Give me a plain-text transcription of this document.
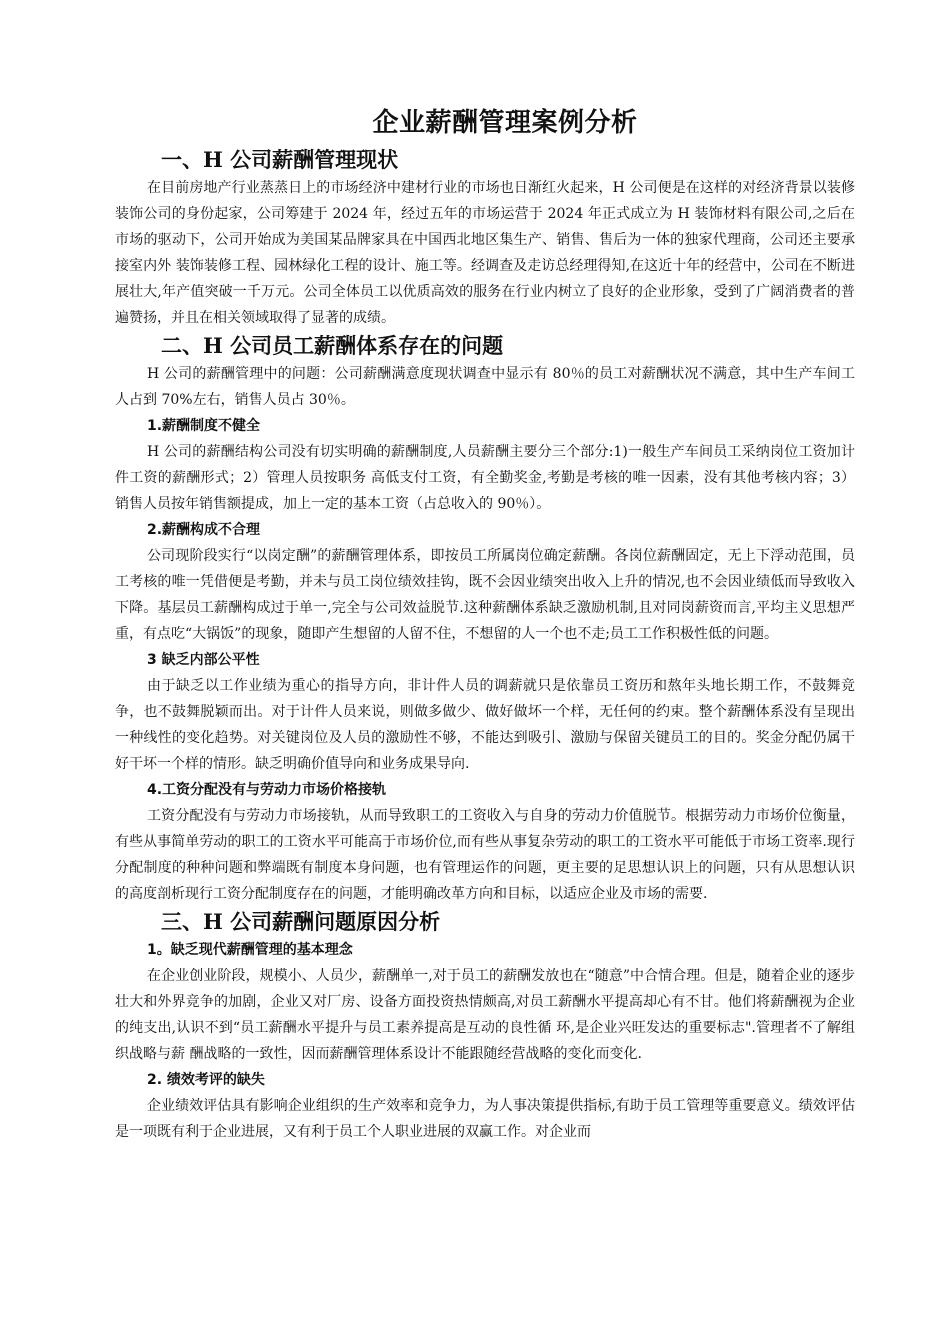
企业薪酬管理案例分析
一、H 公司薪酬管理现状

在目前房地产行业蒸蒸日上的市场经济中建材行业的市场也日渐红火起来，H 公司便是在这样的对经济背景以装修装饰公司的身份起家，公司筹建于 2024 年，经过五年的市场运营于 2024 年正式成立为 H 装饰材料有限公司,之后在市场的驱动下，公司开始成为美国某品牌家具在中国西北地区集生产、销售、售后为一体的独家代理商，公司还主要承接室内外 装饰装修工程、园林绿化工程的设计、施工等。经调查及走访总经理得知,在这近十年的经营中，公司在不断进展壮大,年产值突破一千万元。公司全体员工以优质高效的服务在行业内树立了良好的企业形象，受到了广阔消费者的普遍赞扬，并且在相关领域取得了显著的成绩。

二、H 公司员工薪酬体系存在的问题

H 公司的薪酬管理中的问题：公司薪酬满意度现状调查中显示有 80％的员工对薪酬状况不满意，其中生产车间工人占到 70%左右，销售人员占 30％。

1.薪酬制度不健全

H 公司的薪酬结构公司没有切实明确的薪酬制度,人员薪酬主要分三个部分:1)一般生产车间员工采纳岗位工资加计件工资的薪酬形式；2）管理人员按职务 高低支付工资，有全勤奖金,考勤是考核的唯一因素，没有其他考核内容；3）销售人员按年销售额提成，加上一定的基本工资（占总收入的 90％）。

2.薪酬构成不合理

公司现阶段实行“以岗定酬”的薪酬管理体系，即按员工所属岗位确定薪酬。各岗位薪酬固定，无上下浮动范围，员工考核的唯一凭借便是考勤，并未与员工岗位绩效挂钩，既不会因业绩突出收入上升的情况,也不会因业绩低而导致收入下降。基层员工薪酬构成过于单一,完全与公司效益脱节.这种薪酬体系缺乏激励机制,且对同岗薪资而言,平均主义思想严重，有点吃“大锅饭”的现象，随即产生想留的人留不住，不想留的人一个也不走;员工工作积极性低的问题。

3 缺乏内部公平性

由于缺乏以工作业绩为重心的指导方向，非计件人员的调薪就只是依靠员工资历和熬年头地长期工作，不鼓舞竞争，也不鼓舞脱颖而出。对于计件人员来说，则做多做少、做好做坏一个样，无任何的约束。整个薪酬体系没有呈现出一种线性的变化趋势。对关键岗位及人员的激励性不够，不能达到吸引、激励与保留关键员工的目的。奖金分配仍属干好干坏一个样的情形。缺乏明确价值导向和业务成果导向.

4.工资分配没有与劳动力市场价格接轨

工资分配没有与劳动力市场接轨，从而导致职工的工资收入与自身的劳动力价值脱节。根据劳动力市场价位衡量，有些从事简单劳动的职工的工资水平可能高于市场价位,而有些从事复杂劳动的职工的工资水平可能低于市场工资率.现行分配制度的种种问题和弊端既有制度本身问题，也有管理运作的问题，更主要的足思想认识上的问题，只有从思想认识的高度剖析现行工资分配制度存在的问题，才能明确改革方向和目标，以适应企业及市场的需要.

三、H 公司薪酬问题原因分析
1。缺乏现代薪酬管理的基本理念

在企业创业阶段，规模小、人员少，薪酬单一,对于员工的薪酬发放也在“随意”中合情合理。但是，随着企业的逐步壮大和外界竞争的加剧，企业又对厂房、设备方面投资热情颇高,对员工薪酬水平提高却心有不甘。他们将薪酬视为企业的纯支出,认识不到“员工薪酬水平提升与员工素养提高是互动的良性循 环,是企业兴旺发达的重要标志".管理者不了解组织战略与薪 酬战略的一致性，因而薪酬管理体系设计不能跟随经营战略的变化而变化.

2. 绩效考评的缺失

企业绩效评估具有影响企业组织的生产效率和竞争力，为人事决策提供指标,有助于员工管理等重要意义。绩效评估是一项既有利于企业进展，又有利于员工个人职业进展的双赢工作。对企业而
